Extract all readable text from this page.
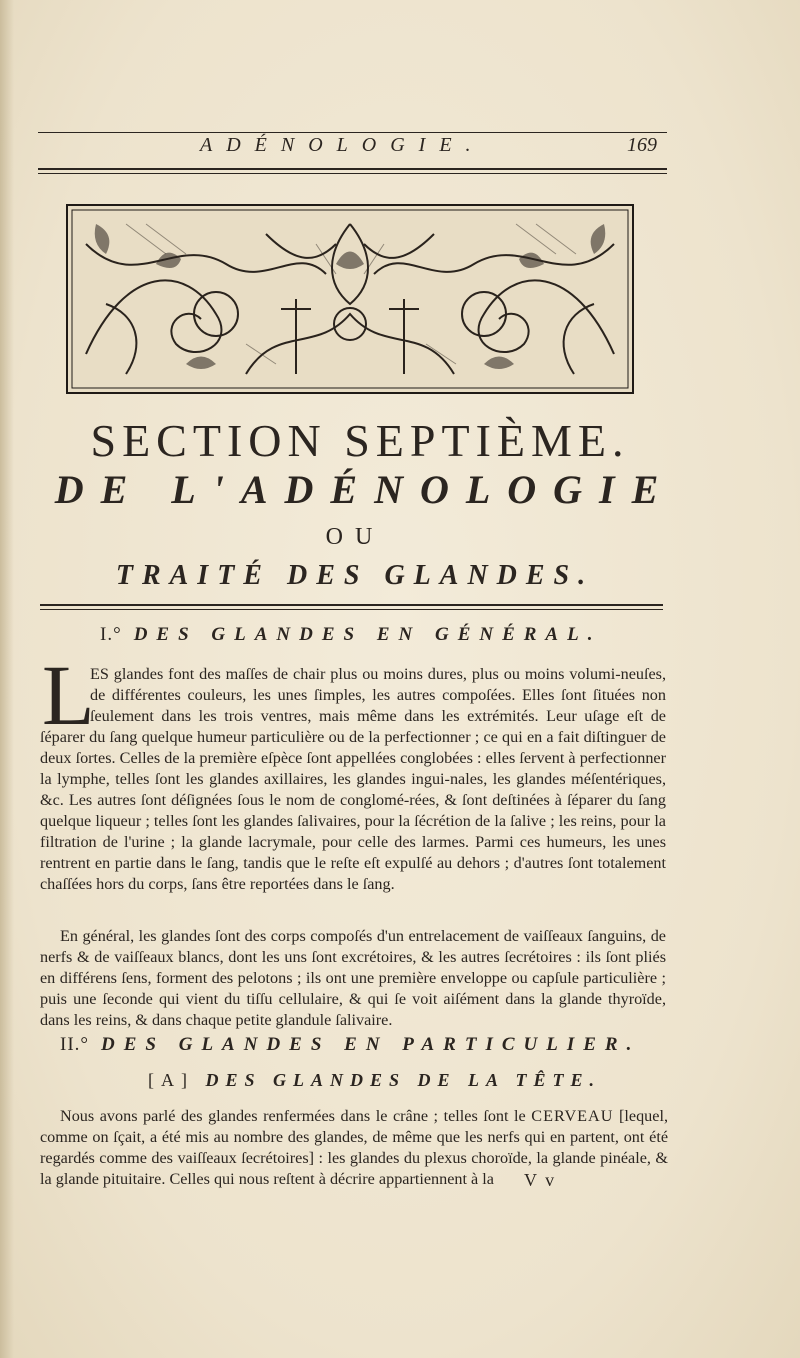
ADÉNOLOGIE.	169
SECTION SEPTIÈME.
DE L'ADÉNOLOGIE
OU
TRAITÉ DES GLANDES.
I.° DES GLANDES EN GÉNÉRAL.
L
ES glandes font des maſſes de chair plus ou moins dures, plus ou moins volumi-neuſes, de différentes couleurs, les unes ſimples, les autres compoſées. Elles ſont ſituées non ſeulement dans les trois ventres, mais même dans les extrémités. Leur uſage eſt de ſéparer du ſang quelque humeur particulière ou de la perfectionner ; ce qui en a fait diſtinguer de deux ſortes. Celles de la première eſpèce ſont appellées conglobées : elles ſervent à perfectionner la lymphe, telles ſont les glandes axillaires, les glandes ingui-nales, les glandes méſentériques, &c. Les autres ſont déſignées ſous le nom de conglomé-rées, & ſont deſtinées à ſéparer du ſang quelque liqueur ; telles ſont les glandes ſalivaires, pour la ſécrétion de la ſalive ; les reins, pour la filtration de l'urine ; la glande lacrymale, pour celle des larmes. Parmi ces humeurs, les unes rentrent en partie dans le ſang, tandis que le reſte eſt expulſé au dehors ; d'autres ſont totalement chaſſées hors du corps, ſans être reportées dans le ſang.
En général, les glandes ſont des corps compoſés d'un entrelacement de vaiſſeaux ſanguins, de nerfs & de vaiſſeaux blancs, dont les uns ſont excrétoires, & les autres ſecrétoires : ils ſont pliés en différens ſens, forment des pelotons ; ils ont une première enveloppe ou capſule particulière ; puis une ſeconde qui vient du tiſſu cellulaire, & qui ſe voit aiſément dans la glande thyroïde, dans les reins, & dans chaque petite glandule ſalivaire.
II.° DES GLANDES EN PARTICULIER.
[A] DES GLANDES DE LA TÊTE.
Nous avons parlé des glandes renfermées dans le crâne ; telles ſont le CERVEAU [lequel, comme on ſçait, a été mis au nombre des glandes, de même que les nerfs qui en partent, ont été regardés comme des vaiſſeaux ſecrétoires] : les glandes du plexus choroïde, la glande pinéale, & la glande pituitaire. Celles qui nous reſtent à décrire appartiennent à la	V v
